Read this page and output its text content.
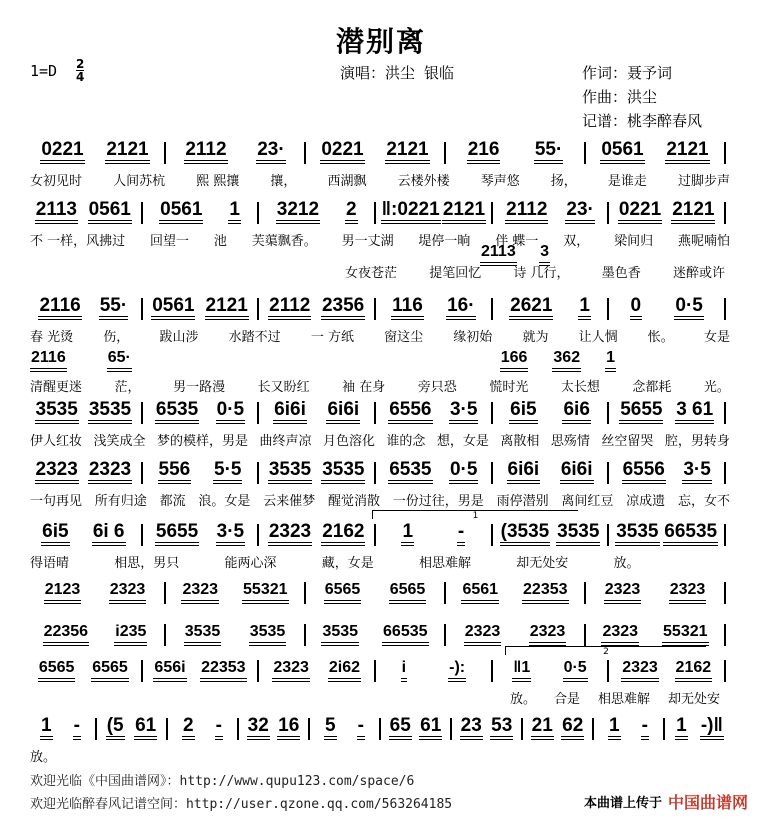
潜别离
1=D 2
4	演唱：洪尘 银临	作词：聂予词
作曲：洪尘
记谱：桃李醉春风
0221 2121 2112 23· 0221 2121 216 55· 0561 2121
女初见时 人间苏杭 熙 熙攘 攘， 西湖飘 云楼外楼 琴声悠 扬， 是谁走 过脚步声
2113 0561 0561 1 3212 2 ‖:0221 2121 2112 23· 0221 2121
不 一样，风拂过 回望一 池 芙蕖飘香。 男一丈湖 堤停一晌 伴 蝶一 双， 梁间归 燕呢喃怕
2113 3
女夜苍茫 提笔回忆 诗 几行， 墨色香 迷醉或许
2116 55· 0561 2121 2112 2356 116 16· 2621 1 0 0·5
春 光烫 伤， 跋山涉 水踏不过 一 方纸 窗这尘 缘初始 就为 让人惆 怅。 女是
2116	65·	166 362 1
清醒更迷	茫，	男一路漫	长又盼红	袖 在身	旁只恐	慌时光	太长想	念都耗	光。
3535 3535 6535 0·5 6i6i 6i6i 6556 3·5 6i5 6i6 5655 3 61
伊人红妆 浅笑成全 梦的模样，男是 曲终声凉 月色溶化 谁的念 想，女是 离散相 思殇情 丝空留哭 腔，男转身
2323 2323 556 5·5 3535 3535 6535 0·5 6i6i 6i6i 6556 3·5
一句再见 所有归途 都流 浪。女是 云来催梦 醒觉消散 一份过往，男是 雨停潜别 离间红豆 凉成遗 忘，女不
6i5 6i 6 5655 3·5 2323 2162 1 - (3535 3535 3535 66535
得语晴	相思，男只	能两心深	藏，女是	相思难解	却无处安	放。
1
2123 2323 2323 55321 6565 6565 6561 22353 2323 2323
22356 i235 3535 3535 3535 66535 2323 2323 2323 55321
6565 6565 656i 22353 2323 2i62	i	-):	‖1 0·5 2323 2162
放。 合是 相思难解 却无处安
2
1 - (5 61 2 - 32 16 5 - 65 61 23 53 21 62 1 - 1 -)‖
放。
欢迎光临《中国曲谱网》：http://www.qupu123.com/space/6
欢迎光临醉春风记谱空间：http://user.qzone.qq.com/563264185	本曲谱上传于 中国曲谱网
